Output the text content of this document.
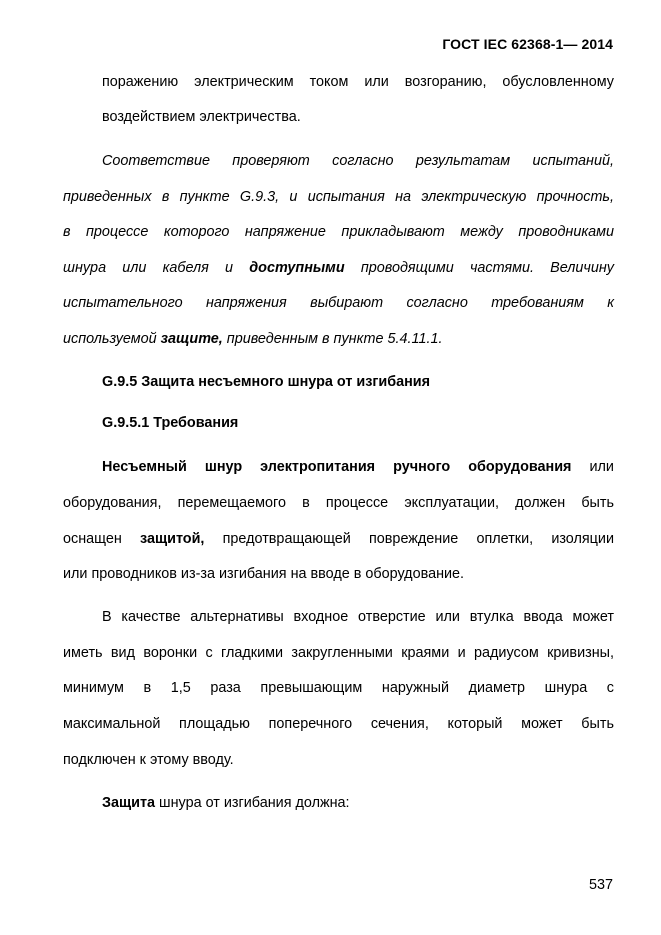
ГОСТ IEC 62368-1— 2014
поражению электрическим током или возгоранию, обусловленному
воздействием электричества.
Соответствие проверяют согласно результатам испытаний,
приведенных в пункте G.9.3, и испытания на электрическую прочность,
в процессе которого напряжение прикладывают между проводниками
шнура или кабеля и доступными проводящими частями. Величину
испытательного напряжения выбирают согласно требованиям к
используемой защите, приведенным в пункте 5.4.11.1.
G.9.5 Защита несъемного шнура от изгибания
G.9.5.1 Требования
Несъемный шнур электропитания ручного оборудования или
оборудования, перемещаемого в процессе эксплуатации, должен быть
оснащен защитой, предотвращающей повреждение оплетки, изоляции
или проводников из-за изгибания на вводе в оборудование.
В качестве альтернативы входное отверстие или втулка ввода может
иметь вид воронки с гладкими закругленными краями и радиусом кривизны,
минимум в 1,5 раза превышающим наружный диаметр шнура с
максимальной площадью поперечного сечения, который может быть
подключен к этому вводу.
Защита шнура от изгибания должна:
537
